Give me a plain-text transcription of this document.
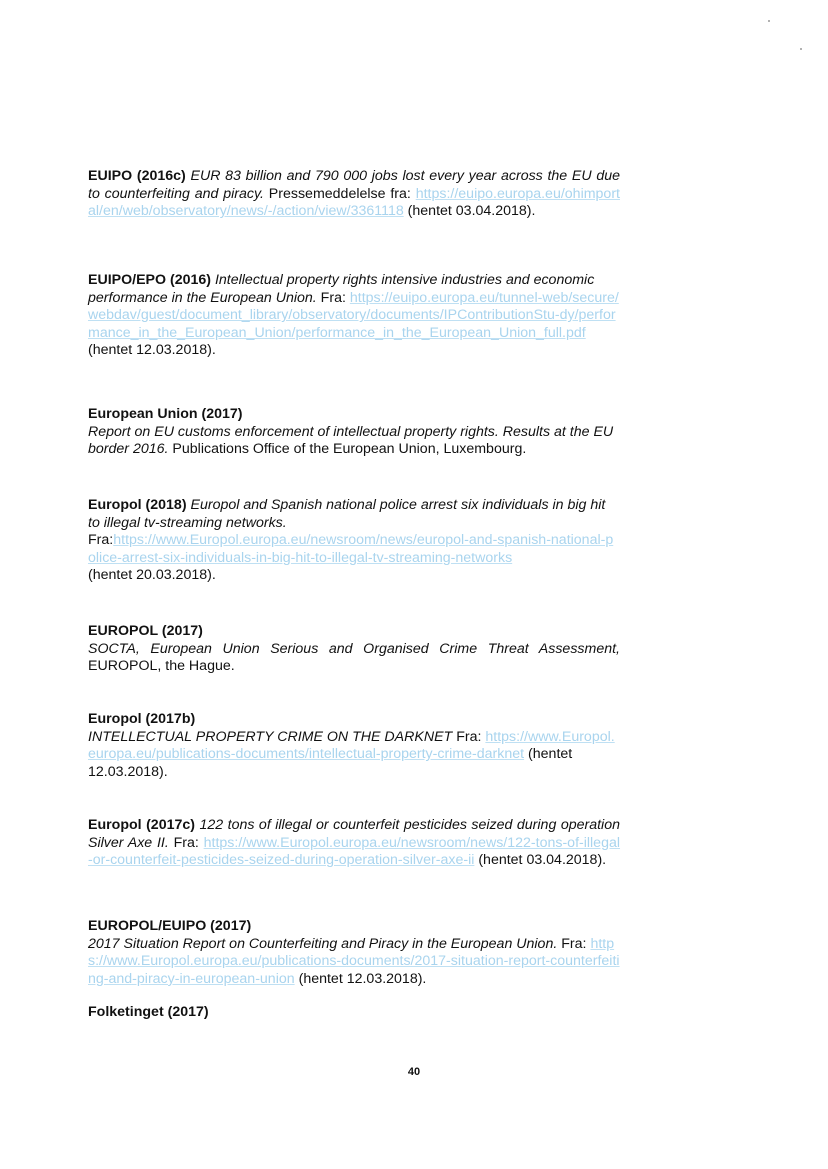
EUIPO (2016c) EUR 83 billion and 790 000 jobs lost every year across the EU due to counterfeiting and piracy. Pressemeddelelse fra: https://euipo.europa.eu/ohimportal/en/web/observatory/news/-/action/view/3361118 (hentet 03.04.2018).

EUIPO/EPO (2016) Intellectual property rights intensive industries and economic performance in the European Union. Fra: https://euipo.europa.eu/tunnel-web/secure/webdav/guest/document_library/observatory/documents/IPContributionStu-dy/performance_in_the_European_Union/performance_in_the_European_Union_full.pdf (hentet 12.03.2018).

European Union (2017)

Report on EU customs enforcement of intellectual property rights. Results at the EU border 2016. Publications Office of the European Union, Luxembourg.

Europol (2018) Europol and Spanish national police arrest six individuals in big hit to illegal tv-streaming networks.

Fra:https://www.Europol.europa.eu/newsroom/news/europol-and-spanish-national-police-arrest-six-individuals-in-big-hit-to-illegal-tv-streaming-networks

(hentet 20.03.2018).

EUROPOL (2017)

SOCTA, European Union Serious and Organised Crime Threat Assessment, EUROPOL, the Hague.

Europol (2017b)

INTELLECTUAL PROPERTY CRIME ON THE DARKNET Fra: https://www.Europol.europa.eu/publications-documents/intellectual-property-crime-darknet (hentet 12.03.2018).

Europol (2017c) 122 tons of illegal or counterfeit pesticides seized during operation Silver Axe II. Fra: https://www.Europol.europa.eu/newsroom/news/122-tons-of-illegal-or-counterfeit-pesticides-seized-during-operation-silver-axe-ii (hentet 03.04.2018).

EUROPOL/EUIPO (2017)

2017 Situation Report on Counterfeiting and Piracy in the European Union. Fra: https://www.Europol.europa.eu/publications-documents/2017-situation-report-counterfeiting-and-piracy-in-european-union (hentet 12.03.2018).

Folketinget (2017)

40
